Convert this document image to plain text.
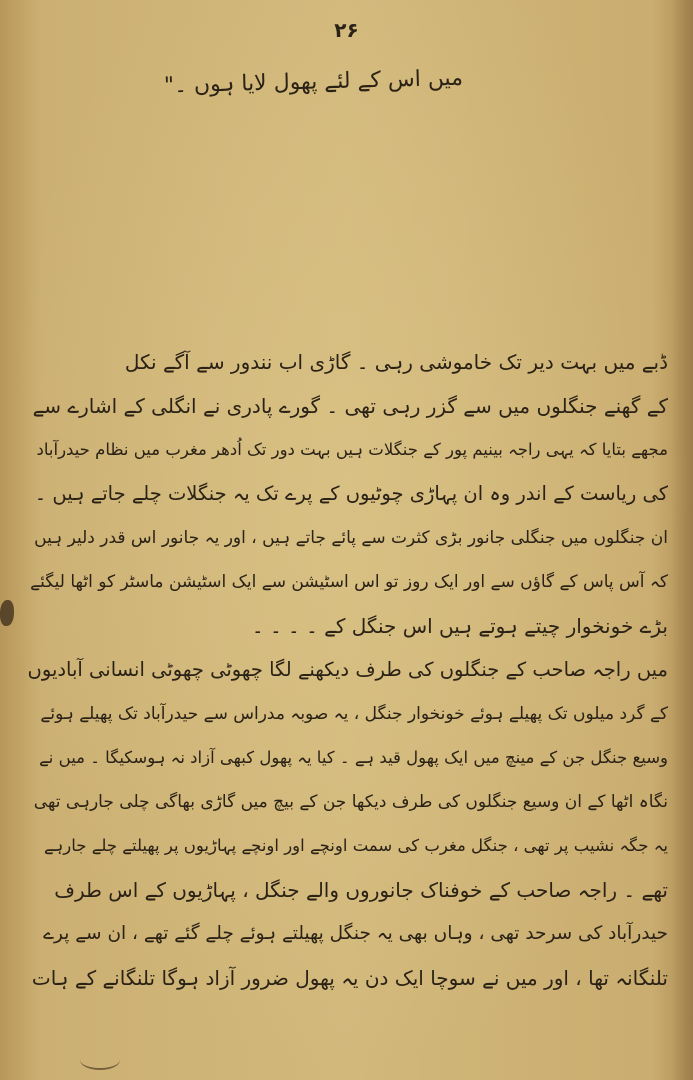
۲۶
میں اس کے لئے پھول لایا ہوں ۔"
ڈبے میں بہت دیر تک خاموشی رہی ۔ گاڑی اب نندور سے آگے نکل
کے گھنے جنگلوں میں سے گزر رہی تھی ۔ گورے پادری نے انگلی کے اشارے سے
مجھے بتایا کہ یہی راجہ بینیم پور کے جنگلات ہیں بہت دور تک اُدھر مغرب میں نظام حیدرآباد
کی ریاست کے اندر وہ ان پہاڑی چوٹیوں کے پرے تک یہ جنگلات چلے جاتے ہیں ۔
ان جنگلوں میں جنگلی جانور بڑی کثرت سے پائے جاتے ہیں ، اور یہ جانور اس قدر دلیر ہیں
کہ آس پاس کے گاؤں سے اور ایک روز تو اس اسٹیشن سے ایک اسٹیشن ماسٹر کو اٹھا لیگئے
بڑے خونخوار چیتے ہوتے ہیں اس جنگل کے ۔ ۔ ۔ ۔
میں راجہ صاحب کے جنگلوں کی طرف دیکھنے لگا چھوٹی چھوٹی انسانی آبادیوں
کے گرد میلوں تک پھیلے ہوئے خونخوار جنگل ، یہ صوبہ مدراس سے حیدرآباد تک پھیلے ہوئے
وسیع جنگل جن کے مینچ میں ایک پھول قید ہے ۔ کیا یہ پھول کبھی آزاد نہ ہوسکیگا ۔ میں نے
نگاہ اٹھا کے ان وسیع جنگلوں کی طرف دیکھا جن کے بیچ میں گاڑی بھاگی چلی جارہی تھی
یہ جگہ نشیب پر تھی ، جنگل مغرب کی سمت اونچے اور اونچے پہاڑیوں پر پھیلتے چلے جارہے
تھے ۔ راجہ صاحب کے خوفناک جانوروں والے جنگل ، پہاڑیوں کے اس طرف
حیدرآباد کی سرحد تھی ، وہاں بھی یہ جنگل پھیلتے ہوئے چلے گئے تھے ، ان سے پرے
تلنگانہ تھا ، اور میں نے سوچا ایک دن یہ پھول ضرور آزاد ہوگا تلنگانے کے ہات
